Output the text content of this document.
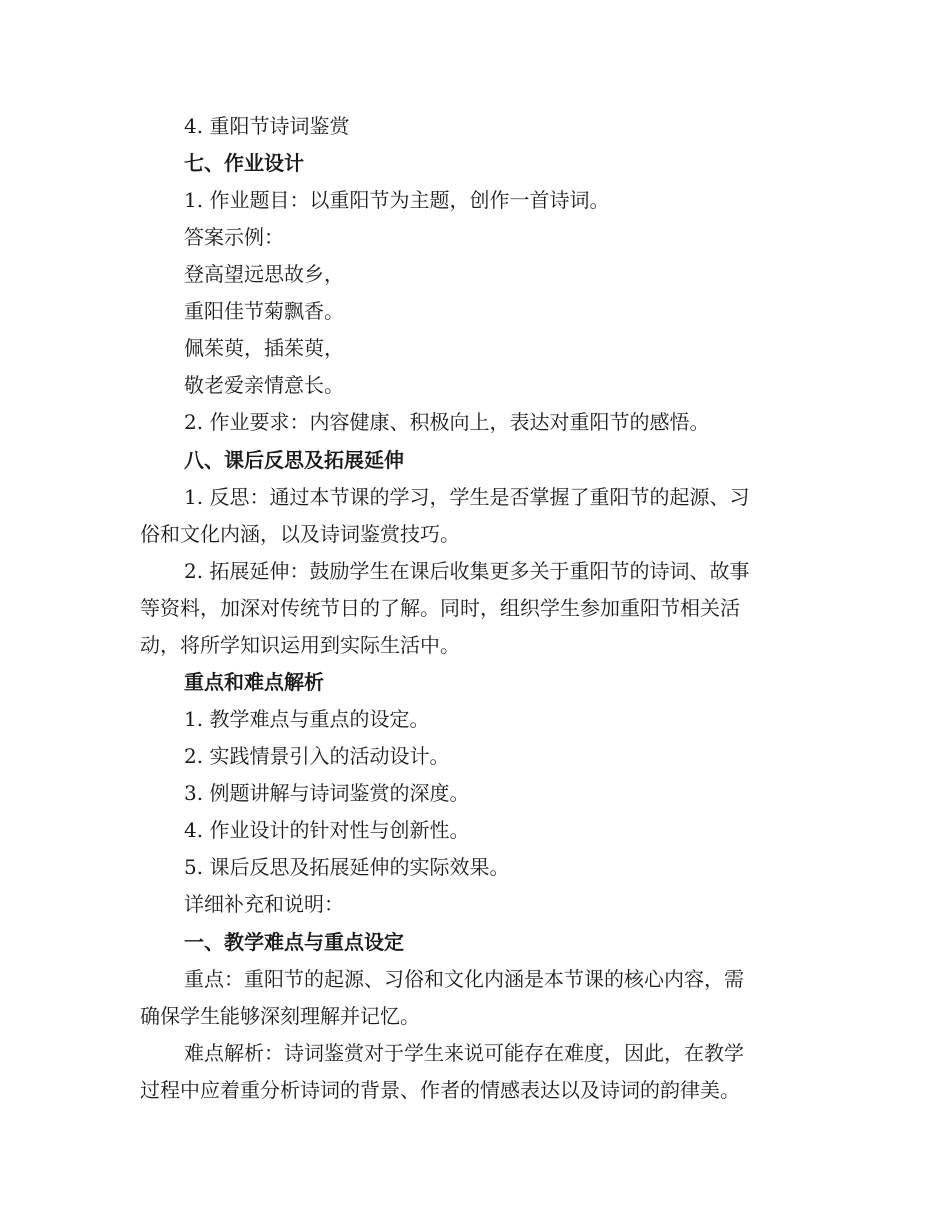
4. 重阳节诗词鉴赏
七、作业设计
1. 作业题目：以重阳节为主题，创作一首诗词。
答案示例：
登高望远思故乡，
重阳佳节菊飘香。
佩茱萸，插茱萸，
敬老爱亲情意长。
2. 作业要求：内容健康、积极向上，表达对重阳节的感悟。
八、课后反思及拓展延伸
1. 反思：通过本节课的学习，学生是否掌握了重阳节的起源、习
俗和文化内涵，以及诗词鉴赏技巧。
2. 拓展延伸：鼓励学生在课后收集更多关于重阳节的诗词、故事
等资料，加深对传统节日的了解。同时，组织学生参加重阳节相关活
动，将所学知识运用到实际生活中。
重点和难点解析
1. 教学难点与重点的设定。
2. 实践情景引入的活动设计。
3. 例题讲解与诗词鉴赏的深度。
4. 作业设计的针对性与创新性。
5. 课后反思及拓展延伸的实际效果。
详细补充和说明：
一、教学难点与重点设定
重点：重阳节的起源、习俗和文化内涵是本节课的核心内容，需
确保学生能够深刻理解并记忆。
难点解析：诗词鉴赏对于学生来说可能存在难度，因此，在教学
过程中应着重分析诗词的背景、作者的情感表达以及诗词的韵律美。
